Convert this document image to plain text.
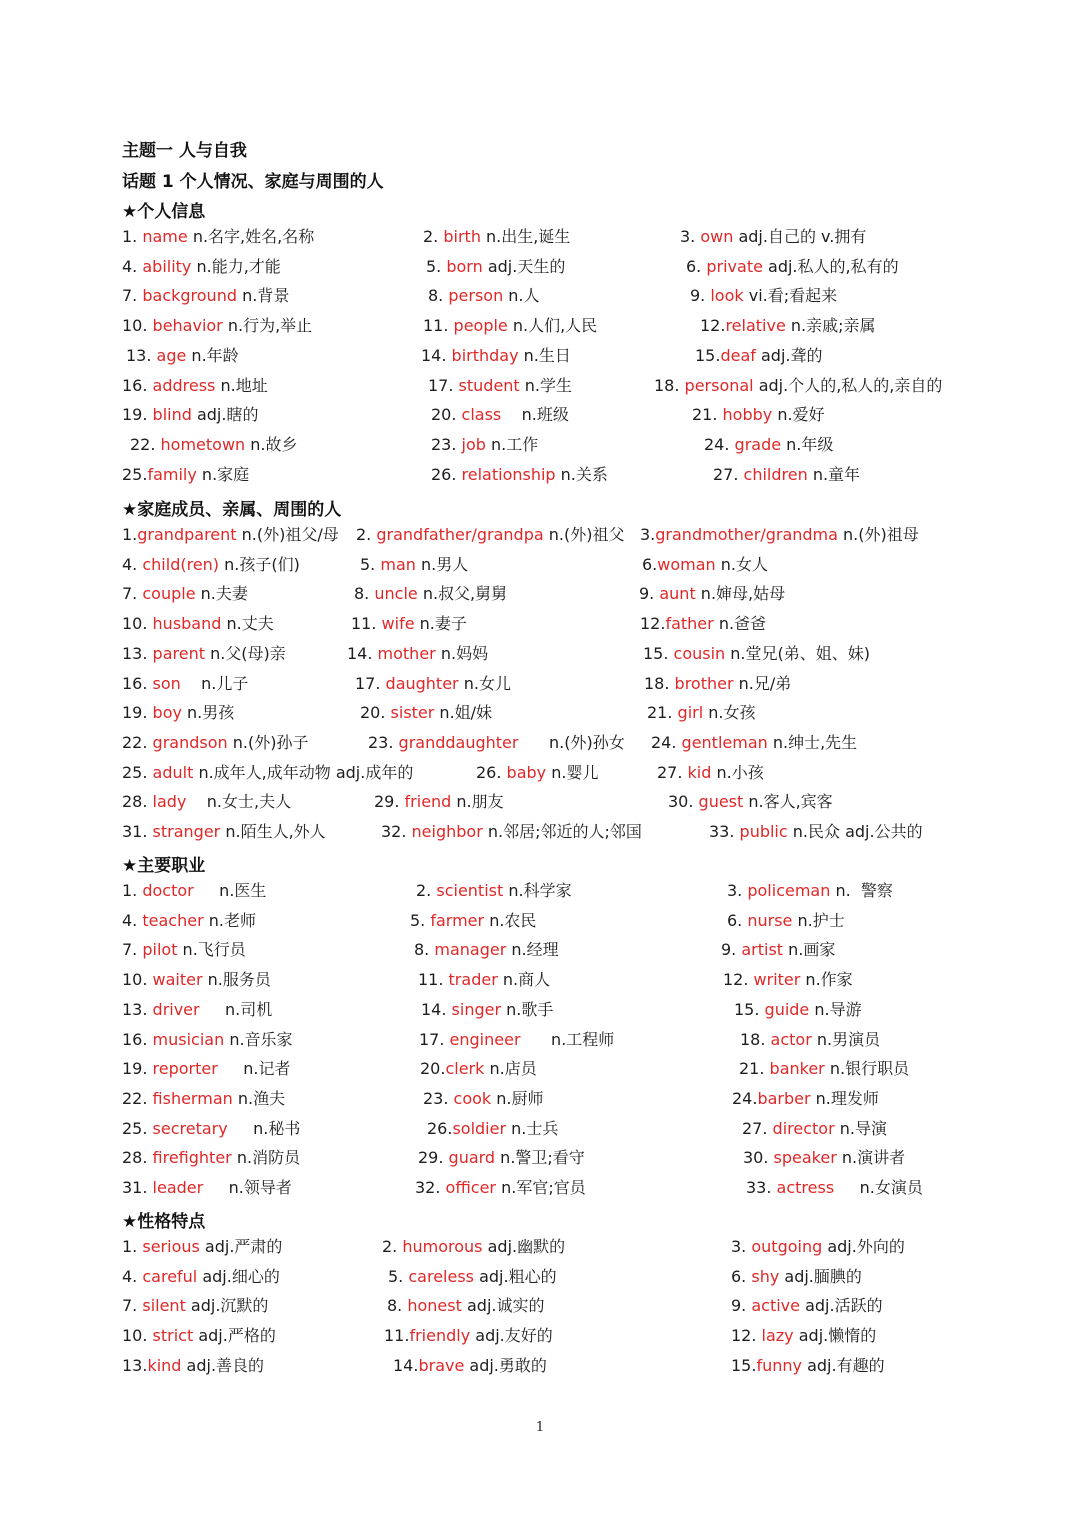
主题一 人与自我
话题 1 个人情况、家庭与周围的人
★个人信息
1. name n.名字,姓名,名称	2. birth n.出生,诞生	3. own adj.自己的 v.拥有
4. ability n.能力,才能	5. born adj.天生的	6. private adj.私人的,私有的
7. background n.背景	8. person n.人	9. look vi.看;看起来
10. behavior n.行为,举止	11. people n.人们,人民	12.relative n.亲戚;亲属
13. age n.年龄	14. birthday n.生日	15.deaf adj.聋的
16. address n.地址	17. student n.学生	18. personal adj.个人的,私人的,亲自的
19. blind adj.瞎的	20. class    n.班级	21. hobby n.爱好
22. hometown n.故乡	23. job n.工作	24. grade n.年级
25.family n.家庭	26. relationship n.关系	27. children n.童年
★家庭成员、亲属、周围的人
1.grandparent n.(外)祖父/母 2. grandfather/grandpa n.(外)祖父 3.grandmother/grandma n.(外)祖母
4. child(ren) n.孩子(们)	5. man n.男人	6.woman n.女人
7. couple n.夫妻	8. uncle n.叔父,舅舅	9. aunt n.婶母,姑母
10. husband n.丈夫	11. wife n.妻子	12.father n.爸爸
13. parent n.父(母)亲	14. mother n.妈妈	15. cousin n.堂兄(弟、姐、妹)
16. son    n.儿子	17. daughter n.女儿	18. brother n.兄/弟
19. boy n.男孩	20. sister n.姐/妹	21. girl n.女孩
22. grandson n.(外)孙子	23. granddaughter      n.(外)孙女 24. gentleman n.绅士,先生
25. adult n.成年人,成年动物 adj.成年的	26. baby n.婴儿	27. kid n.小孩
28. lady    n.女士,夫人	29. friend n.朋友	30. guest n.客人,宾客
31. stranger n.陌生人,外人	32. neighbor n.邻居;邻近的人;邻国	33. public n.民众 adj.公共的
★主要职业
1. doctor     n.医生	2. scientist n.科学家	3. policeman n.  警察
4. teacher n.老师	5. farmer n.农民	6. nurse n.护士
7. pilot n.飞行员	8. manager n.经理	9. artist n.画家
10. waiter n.服务员	11. trader n.商人	12. writer n.作家
13. driver     n.司机	14. singer n.歌手	15. guide n.导游
16. musician n.音乐家	17. engineer      n.工程师	18. actor n.男演员
19. reporter     n.记者	20.clerk n.店员	21. banker n.银行职员
22. fisherman n.渔夫	23. cook n.厨师	24.barber n.理发师
25. secretary     n.秘书	26.soldier n.士兵	27. director n.导演
28. firefighter n.消防员	29. guard n.警卫;看守	30. speaker n.演讲者
31. leader     n.领导者	32. officer n.军官;官员	33. actress     n.女演员
★性格特点
1. serious adj.严肃的	2. humorous adj.幽默的	3. outgoing adj.外向的
4. careful adj.细心的	5. careless adj.粗心的	6. shy adj.腼腆的
7. silent adj.沉默的	8. honest adj.诚实的	9. active adj.活跃的
10. strict adj.严格的	11.friendly adj.友好的	12. lazy adj.懒惰的
13.kind adj.善良的	14.brave adj.勇敢的	15.funny adj.有趣的
1
